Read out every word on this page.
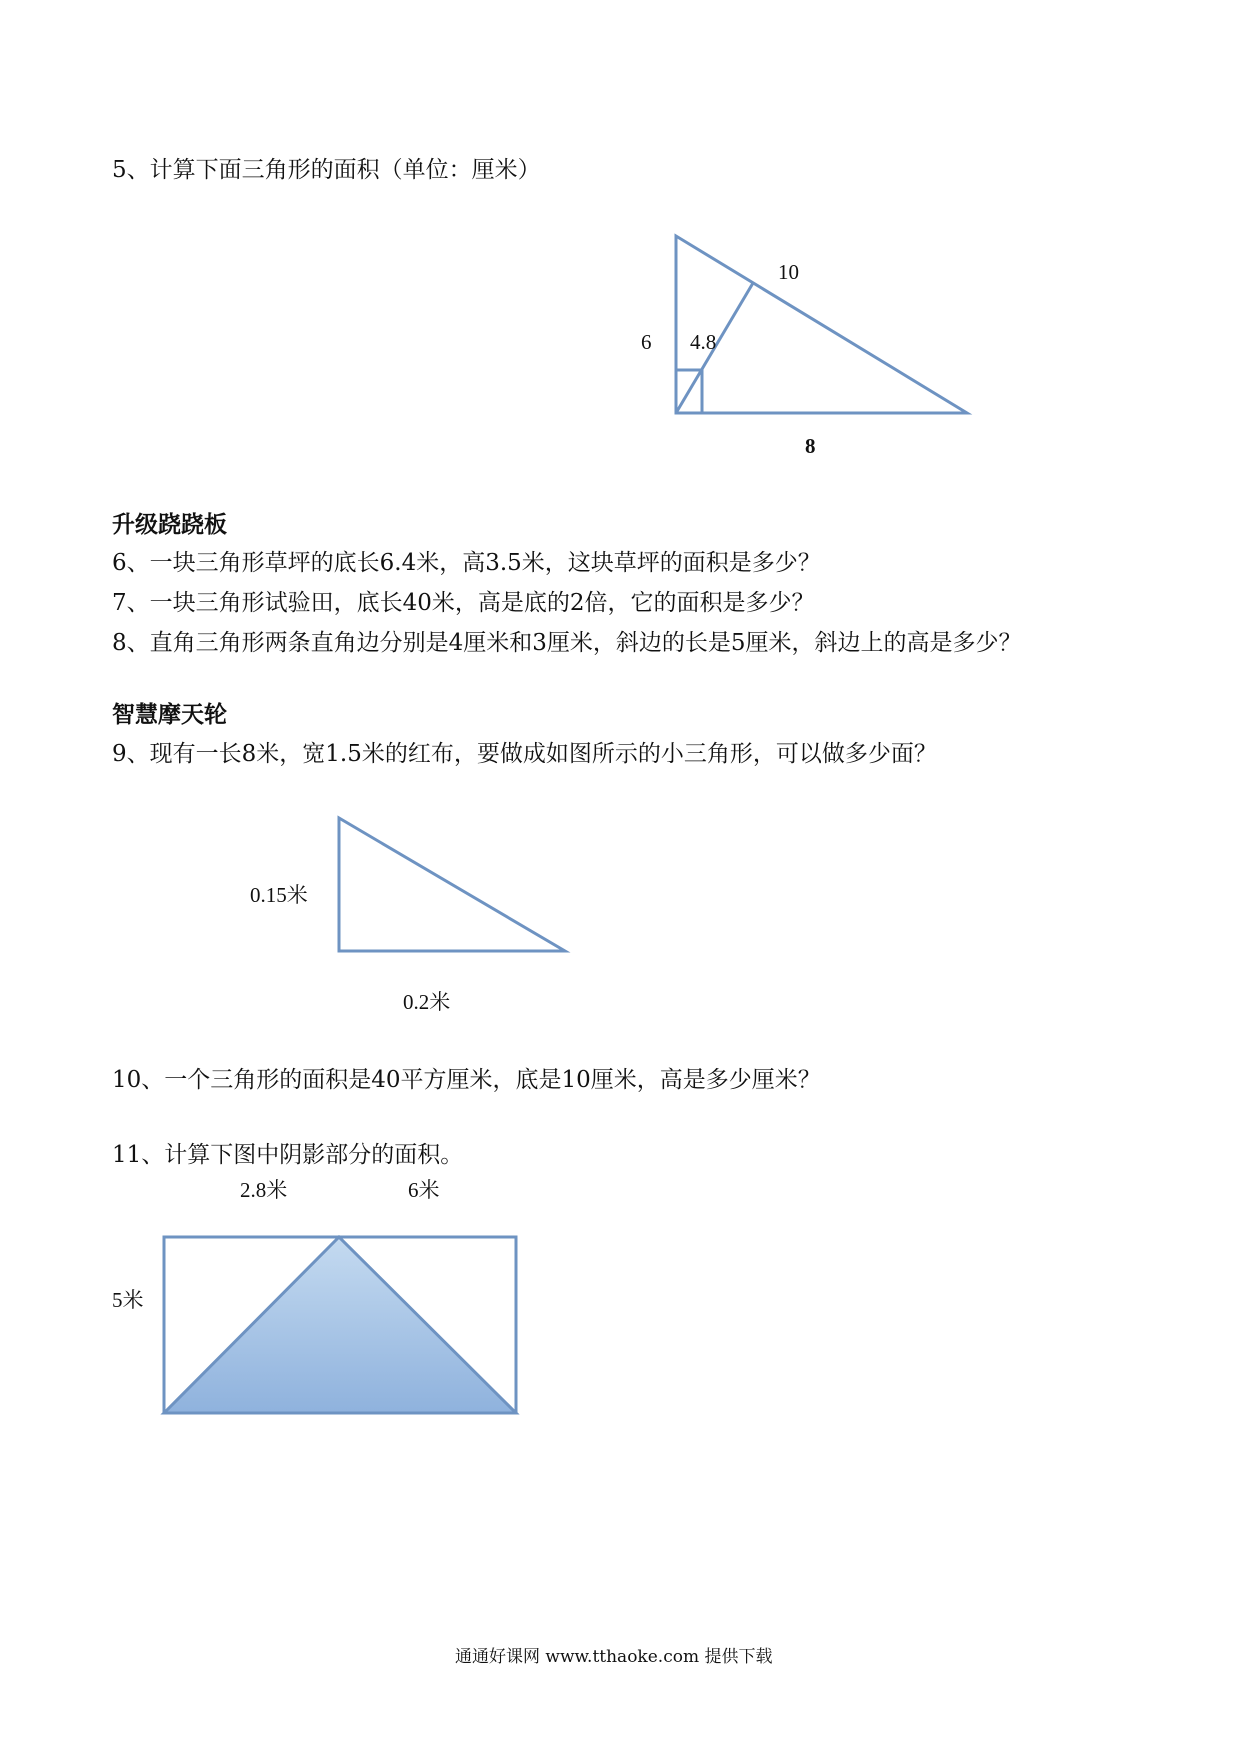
5、计算下面三角形的面积（单位：厘米）
10
6 4.8
8
升级跷跷板
6、一块三角形草坪的底长6.4米，高3.5米，这块草坪的面积是多少？
7、一块三角形试验田，底长40米，高是底的2倍，它的面积是多少？
8、直角三角形两条直角边分别是4厘米和3厘米，斜边的长是5厘米，斜边上的高是多少？
智慧摩天轮
9、现有一长8米，宽1.5米的红布，要做成如图所示的小三角形，可以做多少面？
0.15米
0.2米
10、一个三角形的面积是40平方厘米，底是10厘米，高是多少厘米？
11、计算下图中阴影部分的面积。
2.8米	6米
5米
通通好课网 www.tthaoke.com 提供下载
